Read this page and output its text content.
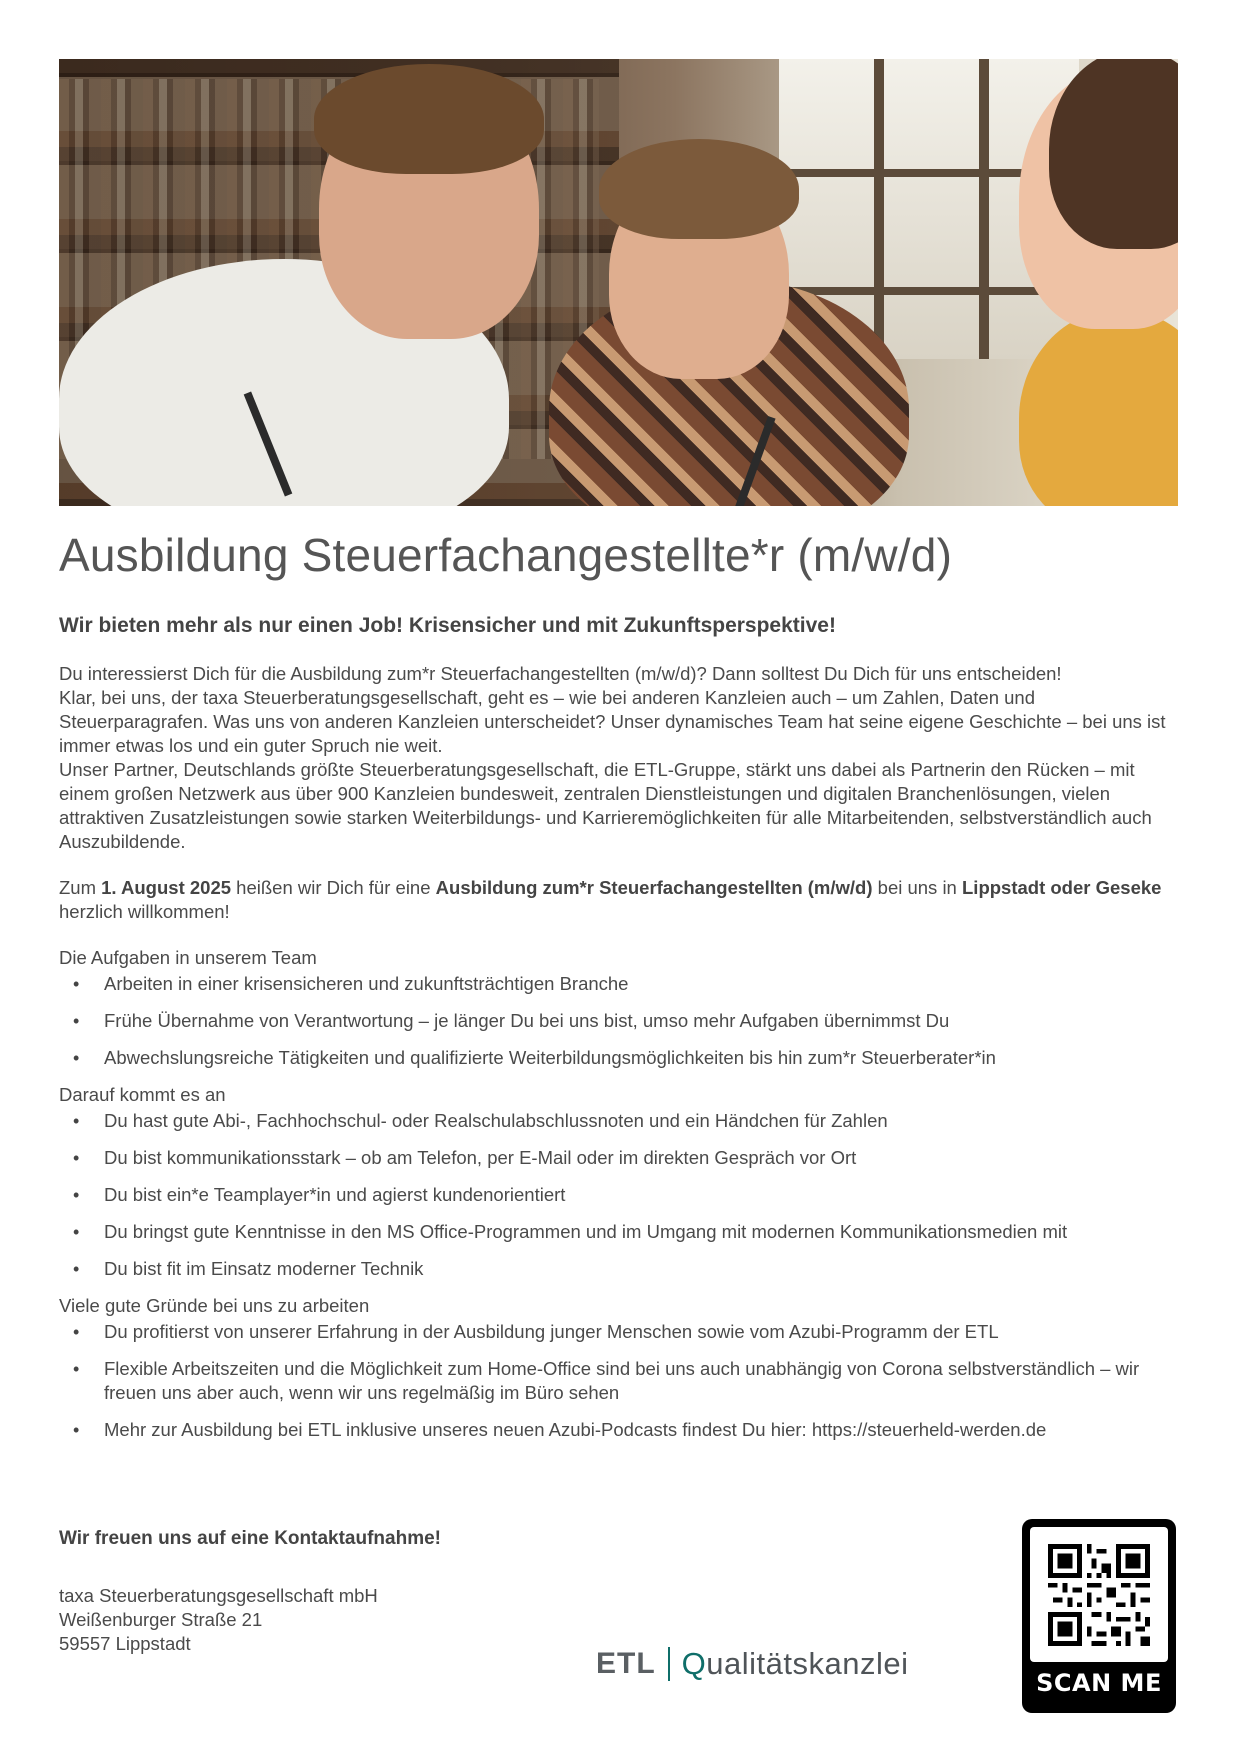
Ausbildung Steuerfachangestellte*r (m/w/d)
Wir bieten mehr als nur einen Job! Krisensicher und mit Zukunftsperspektive!

Du interessierst Dich für die Ausbildung zum*r Steuerfachangestellten (m/w/d)? Dann solltest Du Dich für uns entscheiden!

Klar, bei uns, der taxa Steuerberatungsgesellschaft, geht es – wie bei anderen Kanzleien auch – um Zahlen, Daten und Steuerparagrafen. Was uns von anderen Kanzleien unterscheidet? Unser dynamisches Team hat seine eigene Geschichte – bei uns ist immer etwas los und ein guter Spruch nie weit.

Unser Partner, Deutschlands größte Steuerberatungsgesellschaft, die ETL-Gruppe, stärkt uns dabei als Partnerin den Rücken – mit einem großen Netzwerk aus über 900 Kanzleien bundesweit, zentralen Dienstleistungen und digitalen Branchenlösungen, vielen attraktiven Zusatzleistungen sowie starken Weiterbildungs- und Karrieremöglichkeiten für alle Mitarbeitenden, selbstverständlich auch Auszubildende.

Zum 1. August 2025 heißen wir Dich für eine Ausbildung zum*r Steuerfachangestellten (m/w/d) bei uns in Lippstadt oder Geseke herzlich willkommen!
Die Aufgaben in unserem Team
• Arbeiten in einer krisensicheren und zukunftsträchtigen Branche
• Frühe Übernahme von Verantwortung – je länger Du bei uns bist, umso mehr Aufgaben übernimmst Du
• Abwechslungsreiche Tätigkeiten und qualifizierte Weiterbildungsmöglichkeiten bis hin zum*r Steuerberater*in
Darauf kommt es an
• Du hast gute Abi-, Fachhochschul- oder Realschulabschlussnoten und ein Händchen für Zahlen
• Du bist kommunikationsstark – ob am Telefon, per E-Mail oder im direkten Gespräch vor Ort
• Du bist ein*e Teamplayer*in und agierst kundenorientiert
• Du bringst gute Kenntnisse in den MS Office-Programmen und im Umgang mit modernen Kommunikationsmedien mit
• Du bist fit im Einsatz moderner Technik
Viele gute Gründe bei uns zu arbeiten
• Du profitierst von unserer Erfahrung in der Ausbildung junger Menschen sowie vom Azubi-Programm der ETL
• Flexible Arbeitszeiten und die Möglichkeit zum Home-Office sind bei uns auch unabhängig von Corona selbstverständlich – wir freuen uns aber auch, wenn wir uns regelmäßig im Büro sehen
• Mehr zur Ausbildung bei ETL inklusive unseres neuen Azubi-Podcasts findest Du hier: https://steuerheld-werden.de
Wir freuen uns auf eine Kontaktaufnahme!
taxa Steuerberatungsgesellschaft mbH
Weißenburger Straße 21
59557 Lippstadt
ETL Qualitätskanzlei
SCAN ME
